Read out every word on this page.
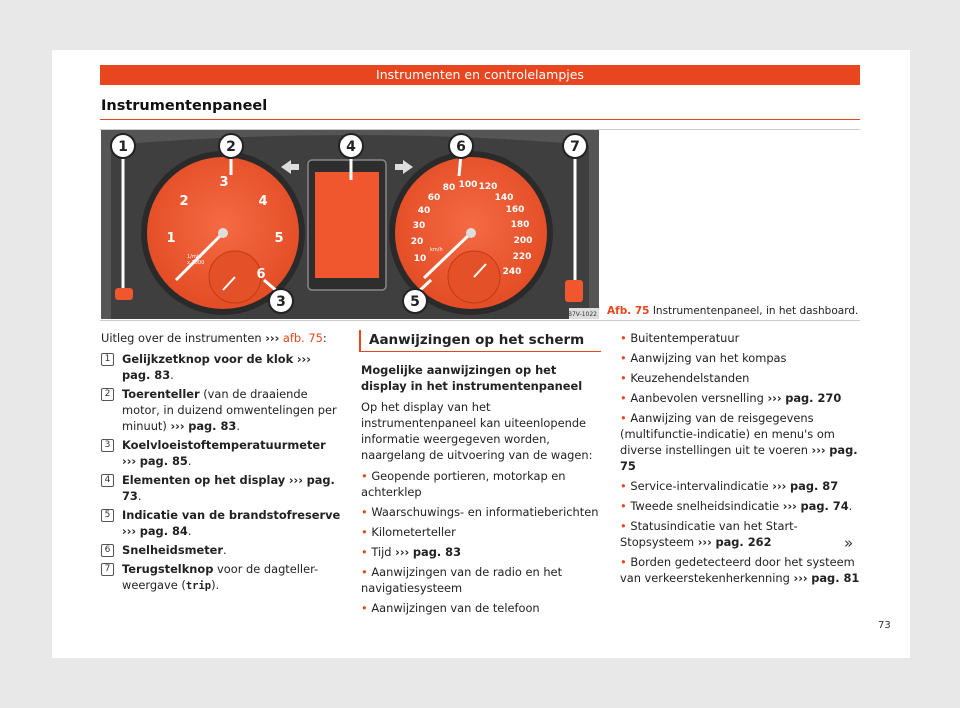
Instrumenten en controlelampjes
Instrumentenpaneel
3
2
1
4
5
6
1/min
x 1000	10
20
30
40
60
80 100 120
140
160
180
200
220
240
km/h
1	2
3
4
5
6	7
B7V-1022 Afb. 75 Instrumentenpaneel, in het dashboard.
Uitleg over de instrumenten ››› afb. 75:
1	Gelijkzetknop voor de klok ››› pag. 83.
2	Toerenteller (van de draaiende motor, in duizend omwentelingen per minuut) ››› pag. 83.
3	Koelvloeistoftemperatuurmeter
››› pag. 85.
4	Elementen op het display ››› pag. 73.
5	Indicatie van de brandstofreserve
››› pag. 84.
6	Snelheidsmeter.
7	Terugstelknop voor de dagteller-weergave (trip).
Aanwijzingen op het scherm
Mogelijke aanwijzingen op het display in het instrumentenpaneel
Op het display van het instrumentenpaneel kan uiteenlopende informatie weergegeven worden, naargelang de uitvoering van de wagen:
• Geopende portieren, motorkap en achterklep
• Waarschuwings- en informatieberichten
• Kilometerteller
• Tijd ››› pag. 83
• Aanwijzingen van de radio en het navigatiesysteem
• Aanwijzingen van de telefoon
• Buitentemperatuur
• Aanwijzing van het kompas
• Keuzehendelstanden
• Aanbevolen versnelling ››› pag. 270
• Aanwijzing van de reisgegevens (multifunctie-indicatie) en menu's om diverse instellingen uit te voeren ››› pag. 75
• Service-intervalindicatie ››› pag. 87
• Tweede snelheidsindicatie ››› pag. 74.
• Statusindicatie van het Start-Stopsysteem ››› pag. 262
• Borden gedetecteerd door het systeem van verkeerstekenherkenning ››› pag. 81
»
73
